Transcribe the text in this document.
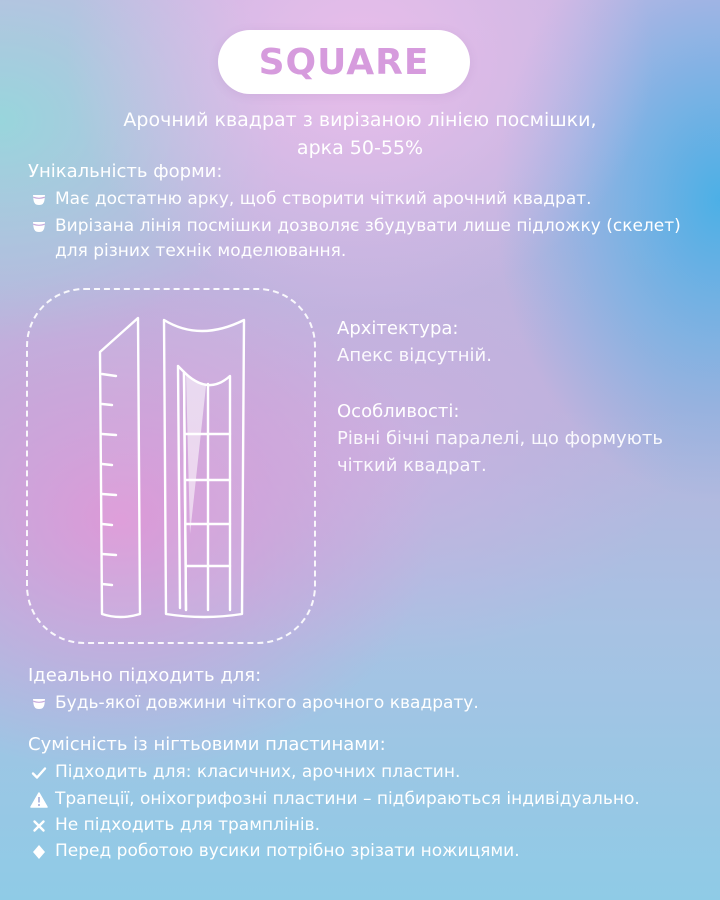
SQUARE
Арочний квадрат з вирізаною лінією посмішки,
арка 50-55%
Унікальність форми:
Має достатню арку, щоб створити чіткий арочний квадрат.
Вирізана лінія посмішки дозволяє збудувати лише підложку (скелет) для різних технік моделювання.
Архітектура:
Апекс відсутній.
Особливості:
Рівні бічні паралелі, що формують чіткий квадрат.
Ідеально підходить для:
Будь-якої довжини чіткого арочного квадрату.
Сумісність із нігтьовими пластинами:
Підходить для: класичних, арочних пластин.
Трапеції, оніхогрифозні пластини – підбираються індивідуально.
Не підходить для трамплінів.
Перед роботою вусики потрібно зрізати ножицями.
